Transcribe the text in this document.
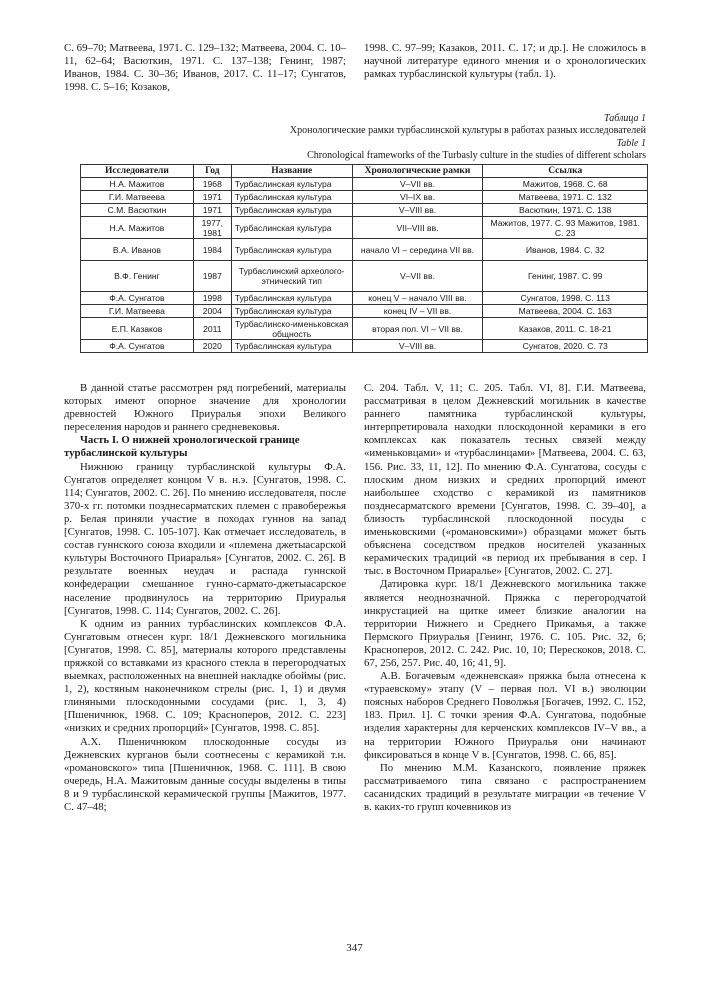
С. 69–70; Матвеева, 1971. С. 129–132; Матвеева, 2004. С. 10–11, 62–64; Васюткин, 1971. С. 137–138; Генинг, 1987; Иванов, 1984. С. 30–36; Иванов, 2017. С. 11–17; Сунгатов, 1998. С. 5–16; Козаков,

1998. С. 97–99; Казаков, 2011. С. 17; и др.]. Не сложилось в научной литературе единого мнения и о хронологических рамках турбаслинской культуры (табл. 1).

Таблица 1
Хронологические рамки турбаслинской культуры в работах разных исследователей
Table 1
Chronological frameworks of the Turbasly culture in the studies of different scholars
Исследователи	Год	Название	Хронологические рамки	Ссылка
Н.А. Мажитов	1968	Турбаслинская культура	V–VII вв.	Мажитов, 1968. С. 68
Г.И. Матвеева	1971	Турбаслинская культура	VI–IX вв.	Матвеева, 1971. С. 132
С.М. Васюткин	1971	Турбаслинская культура	V–VIII вв.	Васюткин, 1971. С. 138
Н.А. Мажитов	1977, 1981	Турбаслинская культура	VII–VIII вв.	Мажитов, 1977. С. 93 Мажитов, 1981. С. 23
В.А. Иванов	1984	Турбаслинская культура	начало VI – середина VII вв.	Иванов, 1984. С. 32
В.Ф. Генинг	1987	Турбаслинский археолого-этнический тип	V–VII вв.	Генинг, 1987. С. 99
Ф.А. Сунгатов	1998	Турбаслинская культура	конец V – начало VIII вв.	Сунгатов, 1998. С. 113
Г.И. Матвеева	2004	Турбаслинская культура	конец IV – VII вв.	Матвеева, 2004. С. 163
Е.П. Казаков	2011	Турбаслинско-именьковская общность	вторая пол. VI – VII вв.	Казаков, 2011. С. 18-21
Ф.А. Сунгатов	2020	Турбаслинская культура	V–VIII вв.	Сунгатов, 2020. С. 73

В данной статье рассмотрен ряд погребений, материалы которых имеют опорное значение для хронологии древностей Южного Приуралья эпохи Великого переселения народов и раннего средневековья.

Часть I. О нижней хронологической границе турбаслинской культуры

Нижнюю границу турбаслинской культуры Ф.А. Сунгатов определяет концом V в. н.э. [Сунгатов, 1998. С. 114; Сунгатов, 2002. С. 26]. По мнению исследователя, после 370-х гг. потомки позднесарматских племен с правобережья р. Белая приняли участие в походах гуннов на запад [Сунгатов, 1998. С. 105-107]. Как отмечает исследователь, в состав гуннского союза входили и «племена джетыасарской культуры Восточного Приаралья» [Сунгатов, 2002. С. 26]. В результате военных неудач и распада гуннской конфедерации смешанное гунно-сармато-джетыасарское население продвинулось на территорию Приуралья [Сунгатов, 1998. С. 114; Сунгатов, 2002. С. 26].

К одним из ранних турбаслинских комплексов Ф.А. Сунгатовым отнесен кург. 18/1 Дежневского могильника [Сунгатов, 1998. С. 85], материалы которого представлены пряжкой со вставками из красного стекла в перегородчатых выемках, расположенных на внешней накладке обоймы (рис. 1, 2), костяным наконечником стрелы (рис. 1, 1) и двумя глиняными плоскодонными сосудами (рис. 1, 3, 4) [Пшеничнюк, 1968. С. 109; Красноперов, 2012. С. 223] «низких и средних пропорций» [Сунгатов, 1998. С. 85].

А.Х. Пшеничнюком плоскодонные сосуды из Дежневских курганов были соотнесены с керамикой т.н. «романовского» типа [Пшеничнюк, 1968. С. 111]. В свою очередь, Н.А. Мажитовым данные сосуды выделены в типы 8 и 9 турбаслинской керамической группы [Мажитов, 1977. С. 47–48;

С. 204. Табл. V, 11; С. 205. Табл. VI, 8]. Г.И. Матвеева, рассматривая в целом Дежневский могильник в качестве раннего памятника турбаслинской культуры, интерпретировала находки плоскодонной керамики в его комплексах как показатель тесных связей между «именьковцами» и «турбаслинцами» [Матвеева, 2004. С. 63, 156. Рис. 33, 11, 12]. По мнению Ф.А. Сунгатова, сосуды с плоским дном низких и средних пропорций имеют наибольшее сходство с керамикой из памятников позднесарматского времени [Сунгатов, 1998. С. 39–40], а близость турбаслинской плоскодонной посуды с именьковскими («романовскими») образцами может быть объяснена соседством предков носителей указанных керамических традиций «в период их пребывания в сер. I тыс. в Восточном Приаралье» [Сунгатов, 2002. С. 27].

Датировка кург. 18/1 Дежневского могильника также является неоднозначной. Пряжка с перегородчатой инкрустацией на щитке имеет близкие аналогии на территории Нижнего и Среднего Прикамья, а также Пермского Приуралья [Генинг, 1976. С. 105. Рис. 32, 6; Красноперов, 2012. С. 242. Рис. 10, 10; Перескоков, 2018. С. 67, 256, 257. Рис. 40, 16; 41, 9].

А.В. Богачевым «дежневская» пряжка была отнесена к «тураевскому» этапу (V – первая пол. VI в.) эволюции поясных наборов Среднего Поволжья [Богачев, 1992. С. 152, 183. Прил. 1]. С точки зрения Ф.А. Сунгатова, подобные изделия характерны для керченских комплексов IV–V вв., а на территории Южного Приуралья они начинают фиксироваться в конце V в. [Сунгатов, 1998. С. 66, 85].

По мнению М.М. Казанского, появление пряжек рассматриваемого типа связано с распространением сасанидских традиций в результате миграции «в течение V в. каких-то групп кочевников из

347
